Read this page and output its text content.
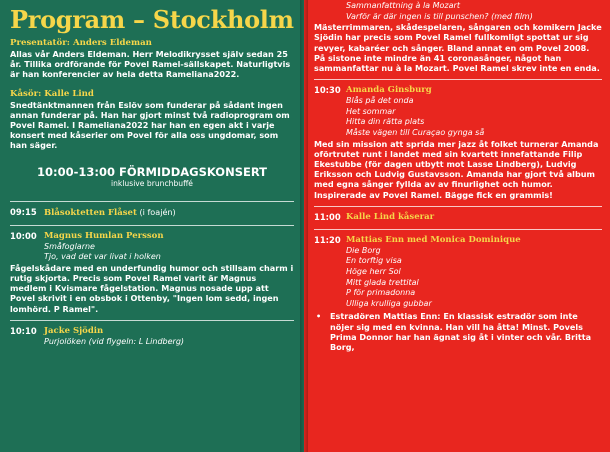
Program – Stockholm
Presentatör: Anders Eldeman
Allas vår Anders Eldeman. Herr Melodikrysset själv sedan 25 år. Tillika ordförande för Povel Ramel-sällskapet. Naturligtvis är han konferencier av hela detta Rameliana2022.
Kåsör: Kalle Lind
Snedtänktmannen från Eslöv som funderar på sådant ingen annan funderar på. Han har gjort minst två radioprogram om Povel Ramel. I Rameliana2022 har han en egen akt i varje konsert med kåserier om Povel för alla oss ungdomar, som han säger.
10:00-13:00 FÖRMIDDAGSKONSERT
inklusive brunchbuffé
09:15 Blåsoktetten Flåset (i foajén)
10:00 Magnus Humlan Persson
Småfoglarne
Tjo, vad det var livat i holken
Fågelskådare med en underfundig humor och stillsam charm i rutig skjorta. Precis som Povel Ramel varit är Magnus medlem i Kvismare fågelstation. Magnus nosade upp att Povel skrivit i en obsbok i Ottenby, "Ingen lom sedd, ingen lomhörd. P Ramel".
10:10 Jacke Sjödin
Purjolöken (vid flygeln: L Lindberg)
Sammanfattning à la Mozart
Varför är där ingen is till punschen? (med film)
Mästerrimmaren, skådespelaren, sångaren och komikern Jacke Sjödin har precis som Povel Ramel fullkomligt spottat ur sig revyer, kabaréer och sånger. Bland annat en om Povel 2008. På sistone inte mindre än 41 coronasånger, något han sammanfattar nu à la Mozart. Povel Ramel skrev inte en enda.
10:30 Amanda Ginsburg
Blås på det onda
Het sommar
Hitta din rätta plats
Måste vägen till Curaçao gynga så
Med sin mission att sprida mer jazz åt folket turnerar Amanda oförtrutet runt i landet med sin kvartett innefattande Filip Ekestubbe (för dagen utbytt mot Lasse Lindberg), Ludvig Eriksson och Ludvig Gustavsson. Amanda har gjort två album med egna sånger fyllda av av finurlighet och humor. Inspirerade av Povel Ramel. Bägge fick en grammis!
11:00 Kalle Lind kåserar
11:20 Mattias Enn med Monica Dominique
Die Borg
En torftig visa
Höge herr Sol
Mitt glada trettital
P för primadonna
Ulliga krulliga gubbar
•	Estradören Mattias Enn: En klassisk estradör som inte nöjer sig med en kvinna. Han vill ha åtta! Minst. Povels Prima Donnor har han ägnat sig åt i vinter och vår. Britta Borg,
